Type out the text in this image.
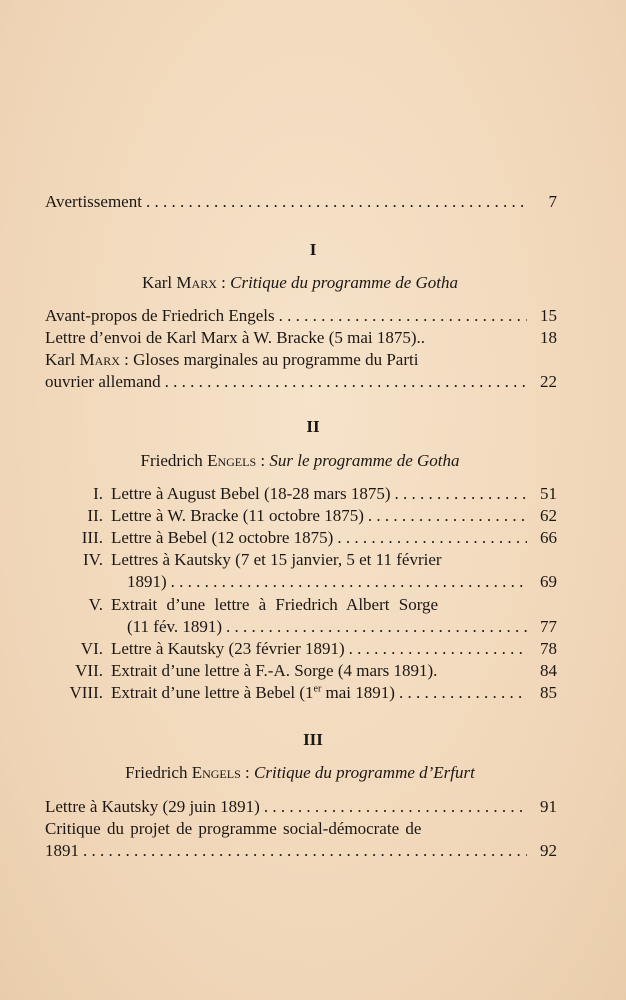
Avertissement . . .	7
I
Karl Marx : Critique du programme de Gotha
Avant-propos de Friedrich Engels . . .	15
Lettre d’envoi de Karl Marx à W. Bracke (5 mai 1875)..	18
Karl Marx : Gloses marginales au programme du Parti
ouvrier allemand . . .	22
II
Friedrich Engels : Sur le programme de Gotha
I. Lettre à August Bebel (18-28 mars 1875) . . .	51
II. Lettre à W. Bracke (11 octobre 1875) . . .	62
III. Lettre à Bebel (12 octobre 1875) . . .	66
IV. Lettres à Kautsky (7 et 15 janvier, 5 et 11 février
1891) . . .	69
V. Extrait d’une lettre à Friedrich Albert Sorge
(11 fév. 1891) . . .	77
VI. Lettre à Kautsky (23 février 1891) . . .	78
VII. Extrait d’une lettre à F.-A. Sorge (4 mars 1891).	84
VIII. Extrait d’une lettre à Bebel (1er mai 1891) . . .	85
III
Friedrich Engels : Critique du programme d’Erfurt
Lettre à Kautsky (29 juin 1891) . . .	91
Critique du projet de programme social-démocrate de
1891 . . .	92
